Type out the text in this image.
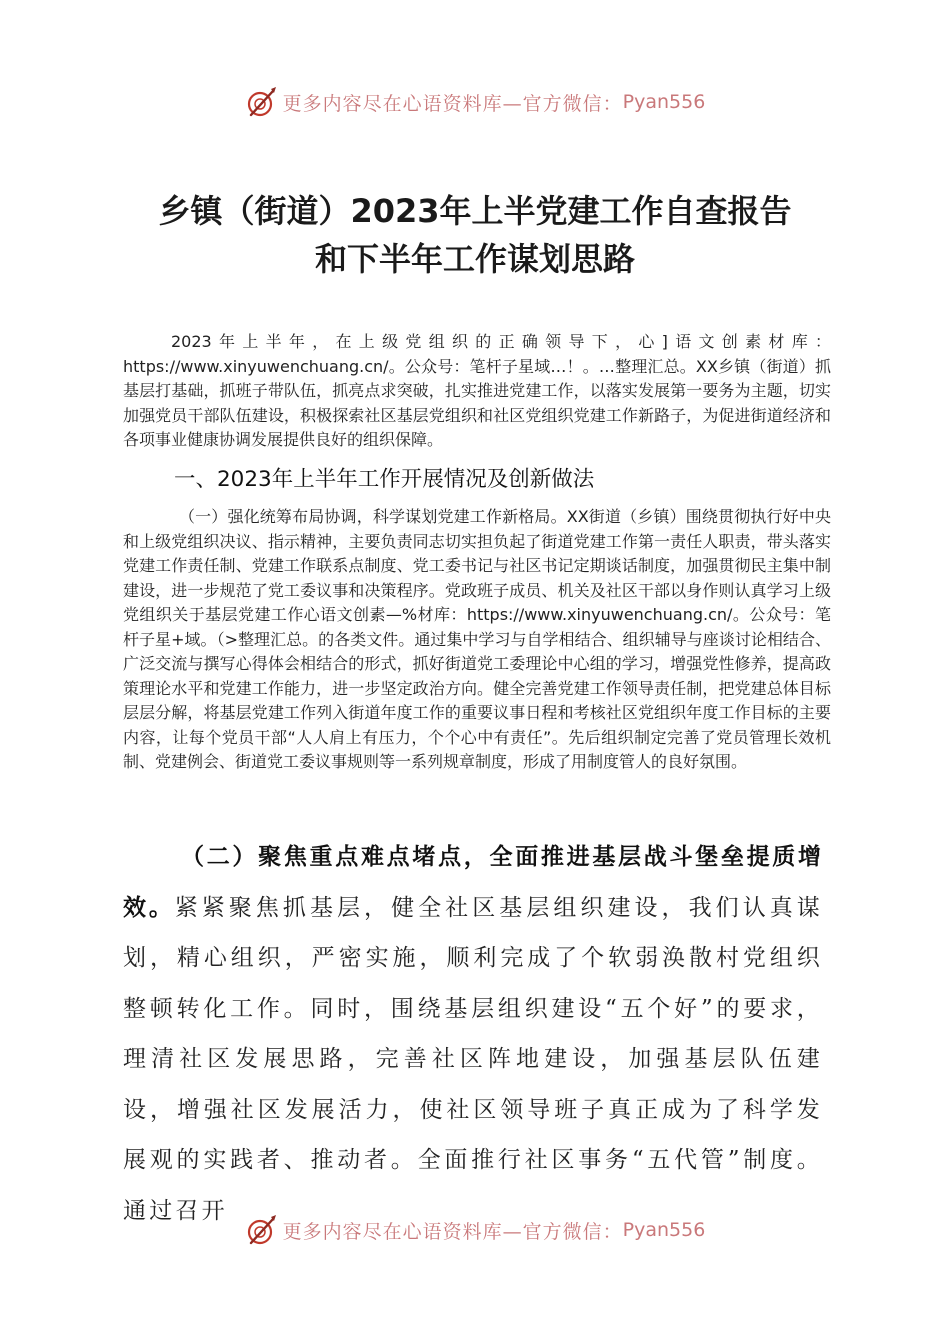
更多内容尽在心语资料库—官方微信： Pyan556
乡镇（街道）2023年上半党建工作自查报告
和下半年工作谋划思路

2023年上半年，在上级党组织的正确领导下，心]语文创素材库：https://www.xinyuwenchuang.cn/。公众号：笔杆子星域…！。…整理汇总。XX乡镇（街道）抓基层打基础，抓班子带队伍，抓亮点求突破，扎实推进党建工作，以落实发展第一要务为主题，切实加强党员干部队伍建设，积极探索社区基层党组织和社区党组织党建工作新路子，为促进街道经济和各项事业健康协调发展提供良好的组织保障。

一、2023年上半年工作开展情况及创新做法

（一）强化统筹布局协调，科学谋划党建工作新格局。XX街道（乡镇）围绕贯彻执行好中央和上级党组织决议、指示精神，主要负责同志切实担负起了街道党建工作第一责任人职责，带头落实党建工作责任制、党建工作联系点制度、党工委书记与社区书记定期谈话制度，加强贯彻民主集中制建设，进一步规范了党工委议事和决策程序。党政班子成员、机关及社区干部以身作则认真学习上级党组织关于基层党建工作心语文创素—%材库：https://www.xinyuwenchuang.cn/。公众号：笔杆子星+域。（>整理汇总。的各类文件。通过集中学习与自学相结合、组织辅导与座谈讨论相结合、广泛交流与撰写心得体会相结合的形式，抓好街道党工委理论中心组的学习，增强党性修养，提高政策理论水平和党建工作能力，进一步坚定政治方向。健全完善党建工作领导责任制，把党建总体目标层层分解，将基层党建工作列入街道年度工作的重要议事日程和考核社区党组织年度工作目标的主要内容，让每个党员干部“人人肩上有压力，个个心中有责任”。先后组织制定完善了党员管理长效机制、党建例会、街道党工委议事规则等一系列规章制度，形成了用制度管人的良好氛围。

（二）聚焦重点难点堵点，全面推进基层战斗堡垒提质增效。紧紧聚焦抓基层，健全社区基层组织建设，我们认真谋划，精心组织，严密实施，顺利完成了个软弱涣散村党组织整顿转化工作。同时，围绕基层组织建设“五个好”的要求，理清社区发展思路，完善社区阵地建设，加强基层队伍建设，增强社区发展活力，使社区领导班子真正成为了科学发展观的实践者、推动者。全面推行社区事务“五代管”制度。通过召开

更多内容尽在心语资料库—官方微信： Pyan556
